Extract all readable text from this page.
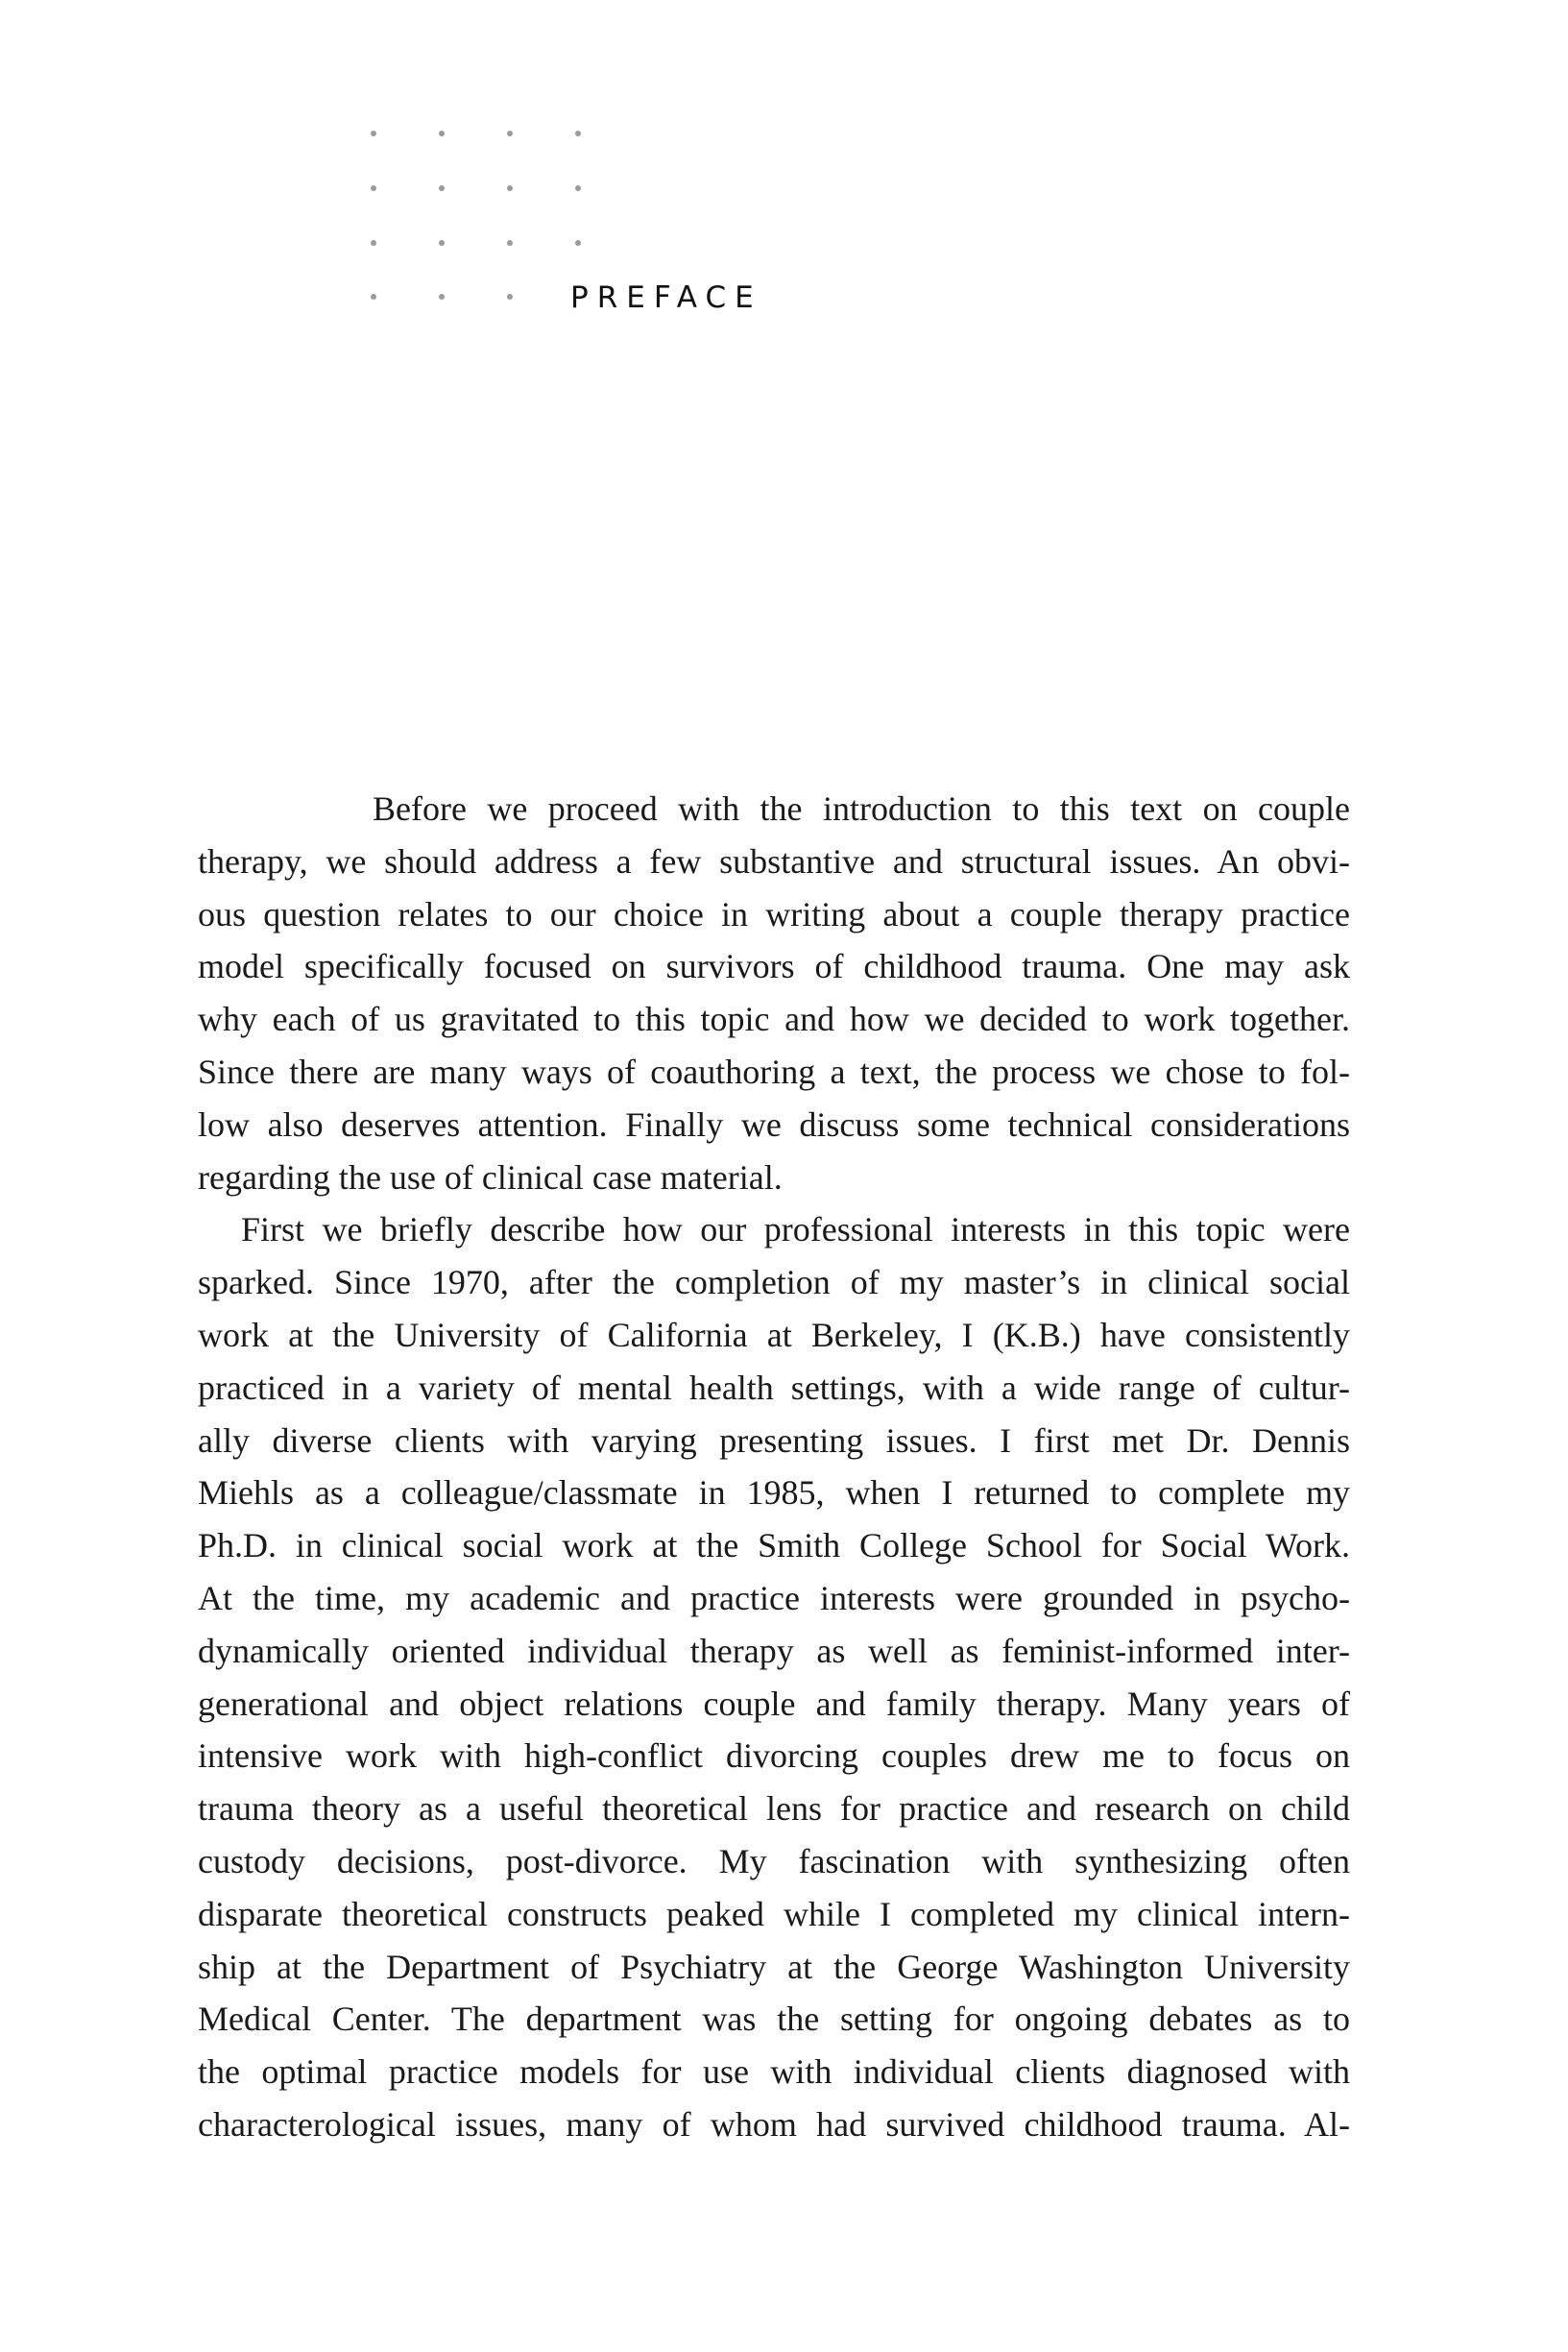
PREFACE
Before we proceed with the introduction to this text on couple
therapy, we should address a few substantive and structural issues. An obvi-
ous question relates to our choice in writing about a couple therapy practice
model specifically focused on survivors of childhood trauma. One may ask
why each of us gravitated to this topic and how we decided to work together.
Since there are many ways of coauthoring a text, the process we chose to fol-
low also deserves attention. Finally we discuss some technical considerations
regarding the use of clinical case material.
First we briefly describe how our professional interests in this topic were
sparked. Since 1970, after the completion of my master’s in clinical social
work at the University of California at Berkeley, I (K.B.) have consistently
practiced in a variety of mental health settings, with a wide range of cultur-
ally diverse clients with varying presenting issues. I first met Dr. Dennis
Miehls as a colleague/classmate in 1985, when I returned to complete my
Ph.D. in clinical social work at the Smith College School for Social Work.
At the time, my academic and practice interests were grounded in psycho-
dynamically oriented individual therapy as well as feminist-informed inter-
generational and object relations couple and family therapy. Many years of
intensive work with high-conflict divorcing couples drew me to focus on
trauma theory as a useful theoretical lens for practice and research on child
custody decisions, post-divorce. My fascination with synthesizing often
disparate theoretical constructs peaked while I completed my clinical intern-
ship at the Department of Psychiatry at the George Washington University
Medical Center. The department was the setting for ongoing debates as to
the optimal practice models for use with individual clients diagnosed with
characterological issues, many of whom had survived childhood trauma. Al-
